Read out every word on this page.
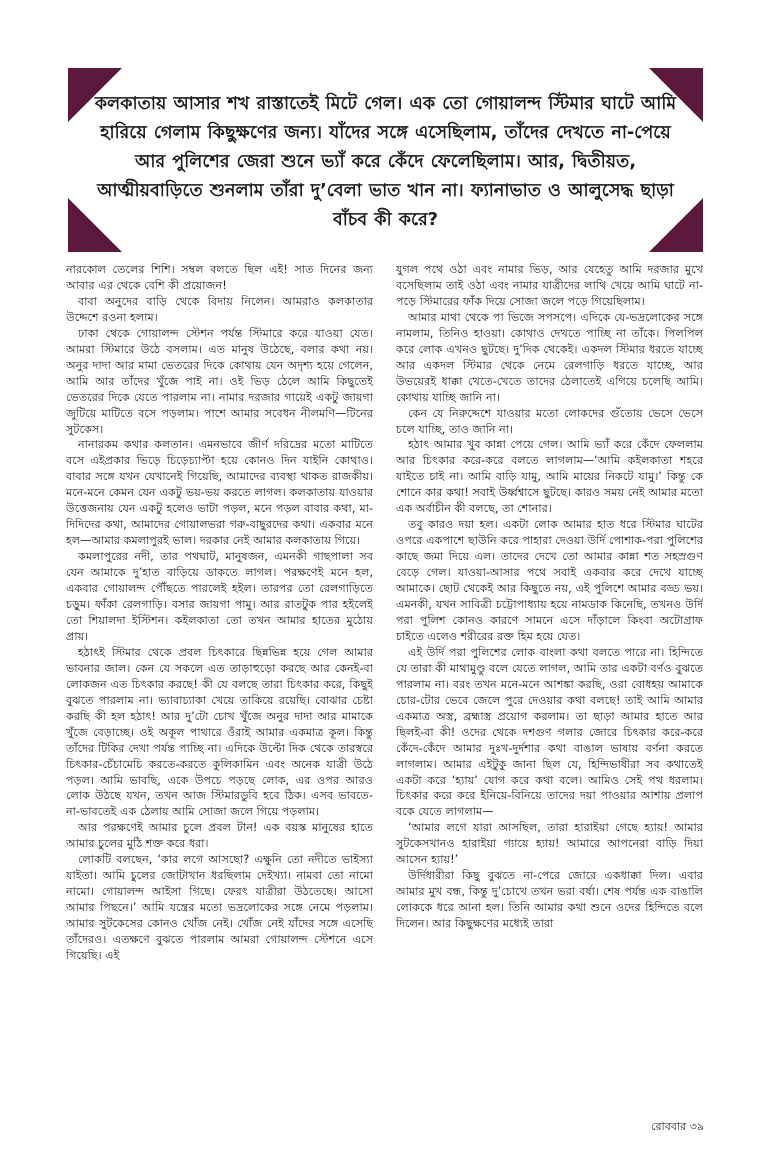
কলকাতায় আসার শখ রাস্তাতেই মিটে গেল। এক তো গোয়ালন্দ স্টিমার ঘাটে আমি হারিয়ে গেলাম কিছুক্ষণের জন্য। যাঁদের সঙ্গে এসেছিলাম, তাঁদের দেখতে না-পেয়ে আর পুলিশের জেরা শুনে ভ্যাঁ করে কেঁদে ফেলেছিলাম। আর, দ্বিতীয়ত, আত্মীয়বাড়িতে শুনলাম তাঁরা দু’বেলা ভাত খান না। ফ্যানাভাত ও আলুসেদ্ধ ছাড়া বাঁচব কী করে?

নারকোল তেলের শিশি। সম্বল বলতে ছিল এই! সাত দিনের জন্য আবার এর থেকে বেশি কী প্রয়োজন!

বাবা অনুদের বাড়ি থেকে বিদায় নিলেন। আমরাও কলকাতার উদ্দেশে রওনা হলাম।

ঢাকা থেকে গোয়ালন্দ স্টেশন পর্যন্ত স্টিমারে করে যাওয়া যেত। আমরা স্টিমারে উঠে বসলাম। এত মানুষ উঠেছে, বলার কথা নয়। অনুর দাদা আর মামা ভেতরের দিকে কোথায় যেন অদৃশ্য হয়ে গেলেন, আমি আর তাঁদের খুঁজে পাই না। ওই ভিড় ঠেলে আমি কিছুতেই ভেতরের দিকে যেতে পারলাম না। নামার দরজার গায়েই একটু জায়গা জুটিয়ে মাটিতে বসে পড়লাম। পাশে আমার সবেধন নীলমণি—টিনের সুটকেস।

নানারকম কথার কলতান। এমনভাবে জীর্ণ দরিদ্রের মতো মাটিতে বসে এইপ্রকার ভিড়ে চিড়েচ্যাপ্টা হয়ে কোনও দিন যাইনি কোথাও। বাবার সঙ্গে যখন যেখানেই গিয়েছি, আমাদের ব্যবস্থা থাকত রাজকীয়। মনে-মনে কেমন যেন একটু ভয়-ভয় করতে লাগল। কলকাতায় যাওয়ার উত্তেজনায় যেন একটু হলেও ভাটা পড়ল, মনে পড়ল বাবার কথা, মা-দিদিদের কথা, আমাদের গোয়ালভরা গরু-বাছুরদের কথা। একবার মনে হল—আমার কমলাপুরই ভাল। দরকার নেই আমার কলকাতায় গিয়ে।

কমলাপুরের নদী, তার পথঘাট, মানুষজন, এমনকী গাছপালা সব যেন আমাকে দু’হাত বাড়িয়ে ডাকতে লাগল। পরক্ষণেই মনে হল, একবার গোয়ালন্দ পৌঁছতে পারলেই হইল। তারপর তো রেলগাড়িতে চড়ুম। ফাঁকা রেলগাড়ি। বসার জায়গা পামু। আর রাতটুক পার হইলেই তো শিয়ালদা ইস্টিশন। কইলকাতা তো তখন আমার হাতের মুঠোয় প্রায়।

হঠাৎই স্টিমার থেকে প্রবল চিৎকারে ছিন্নভিন্ন হয়ে গেল আমার ভাবনার জাল। কেন যে সকলে এত তাড়াহুড়ো করছে আর কেনই-বা লোকজন এত চিৎকার করছে! কী যে বলছে তারা চিৎকার করে, কিছুই বুঝতে পারলাম না। ভ্যাবাচ্যাকা খেয়ে তাকিয়ে রয়েছি। বোঝার চেষ্টা করছি কী হল হঠাৎ! আর দু’টো চোখ খুঁজে অনুর দাদা আর মামাকে খুঁজে বেড়াচ্ছে। ওই অকূল পাথারে ওঁরাই আমার একমাত্র কূল। কিন্তু তাঁদের টিকির দেখা পর্যন্ত পাচ্ছি না। এদিকে উল্টো দিক থেকে তারস্বরে চিৎকার-চেঁচামেচি করতে-করতে কুলিকামিন এবং অনেক যাত্রী উঠে পড়ল। আমি ভাবছি, একে উপচে পড়ছে লোক, এর ওপর আরও লোক উঠছে যখন, তখন আজ স্টিমারডুবি হবে ঠিক। এসব ভাবতে- না-ভাবতেই এক ঠেলায় আমি সোজা জলে গিয়ে পড়লাম।

আর পরক্ষণেই আমার চুলে প্রবল টান! এক বয়স্ক মানুষের হাতে আমার চুলের মুঠি শক্ত করে ধরা।

লোকটি বলছেন, ‘কার লগে আসছো? এক্ষুনি তো নদীতে ভাইস্যা যাইতা। আমি চুলের জোটাখান ধরছিলাম দেইখ্যা। নামবা তো নামো নামো। গোয়ালন্দ আইসা গিছে। ফেরৎ যাত্রীরা উঠতেছে। আসো আমার পিছনে।’ আমি যন্ত্রের মতো ভদ্রলোকের সঙ্গে নেমে পড়লাম। আমার সুটকেসের কোনও খোঁজ নেই। খোঁজ নেই যাঁদের সঙ্গে এসেছি তাঁদেরও। এতক্ষণে বুঝতে পারলাম আমরা গোয়ালন্দ স্টেশনে এসে গিয়েছি। এই

যুগল পথে ওঠা এবং নামার ভিড়, আর যেহেতু আমি দরজার মুখে বসেছিলাম তাই ওঠা এবং নামার যাত্রীদের লাথি খেয়ে আমি ঘাটে না-পড়ে স্টিমারের ফাঁক দিয়ে সোজা জলে পড়ে গিয়েছিলাম।

আমার মাথা থেকে পা ভিজে সপসপে। এদিকে যে-ভদ্রলোকের সঙ্গে নামলাম, তিনিও হাওয়া। কোথাও দেখতে পাচ্ছি না তাঁকে। পিলপিল করে লোক এখনও ছুটছে। দু’দিক থেকেই। একদল স্টিমার ধরতে যাচ্ছে আর একদল স্টিমার থেকে নেমে রেলগাড়ি ধরতে যাচ্ছে, আর উভয়েরই ধাক্কা খেতে-খেতে তাদের ঠেলাতেই এগিয়ে চলেছি আমি। কোথায় যাচ্ছি জানি না।

কেন যে নিরুদ্দেশে যাওয়ার মতো লোকদের গুঁতোয় ভেসে ভেসে চলে যাচ্ছি, তাও জানি না।

হঠাৎ আমার খুব কান্না পেয়ে গেল। আমি ভ্যাঁ করে কেঁদে ফেললাম আর চিৎকার করে-করে বলতে লাগলাম—‘আমি কইলকাতা শহরে যাইতে চাই না। আমি বাড়ি যামু, আমি মায়ের নিকটে যামু।’ কিন্তু কে শোনে কার কথা! সবাই উর্ধ্বশ্বাসে ছুটছে। কারও সময় নেই আমার মতো এক অর্বাচীন কী বলছে, তা শোনার।

তবু কারও দয়া হল। একটা লোক আমার হাত ধরে স্টিমার ঘাটের ওপরে একপাশে ছাউনি করে পাহারা দেওয়া উর্দি পোশাক-পরা পুলিশের কাছে জমা দিয়ে এল। তাদের দেখে তো আমার কান্না শত সহস্রগুণ বেড়ে গেল। যাওয়া-আসার পথে সবাই একবার করে দেখে যাচ্ছে আমাকে। ছোট থেকেই আর কিছুতে নয়, এই পুলিশে আমার বড্ড ভয়। এমনকী, যখন সাবিত্রী চট্টোপাধ্যায় হয়ে নামডাক কিনেছি, তখনও উর্দি পরা পুলিশ কোনও কারণে সামনে এসে দাঁড়ালে কিংবা অটোগ্রাফ চাইতে এলেও শরীরের রক্ত হিম হয়ে যেত।

এই উর্দি পরা পুলিশের লোক বাংলা কথা বলতে পারে না। হিন্দিতে যে তারা কী মাথামুণ্ডু বলে যেতে লাগল, আমি তার একটা বর্ণও বুঝতে পারলাম না। বরং তখন মনে-মনে আশঙ্কা করছি, ওরা বোধহয় আমাকে চোর-টোর ভেবে জেলে পুরে দেওয়ার কথা বলছে! তাই আমি আমার একমাত্র অস্ত্র, ব্রহ্মাস্ত্র প্রয়োগ করলাম। তা ছাড়া আমার হাতে আর ছিলই-বা কী! ওদের থেকে দশগুণ গলার জোরে চিৎকার করে-করে কেঁদে-কেঁদে আমার দুঃখ-দুর্দশার কথা বাঙাল ভাষায় বর্ণনা করতে লাগলাম। আমার এইটুকু জানা ছিল যে, হিন্দিভাষীরা সব কথাতেই একটা করে ‘হ্যায়’ যোগ করে কথা বলে। আমিও সেই পথ ধরলাম। চিৎকার করে করে ইনিয়ে-বিনিয়ে তাদের দয়া পাওয়ার আশায় প্রলাপ বকে যেতে লাগলাম—

‘আমার লগে যারা আসছিল, তারা হারাইয়া গেছে হ্যায়! আমার সুটকেসখানও হারাইয়া গ্যায়ে হ্যায়! আমারে আপনেরা বাড়ি দিয়া আসেন হ্যায়!’

উর্দিধারীরা কিছু বুঝতে না-পেরে জোরে একধাক্কা দিল। এবার আমার মুখ বন্ধ, কিন্তু দু’চোখে তখন ভরা বর্ষা। শেষ পর্যন্ত এক বাঙালি লোককে ধরে আনা হল। তিনি আমার কথা শুনে ওদের হিন্দিতে বলে দিলেন। আর কিছুক্ষণের মধ্যেই তারা

রোববার ৩৯
